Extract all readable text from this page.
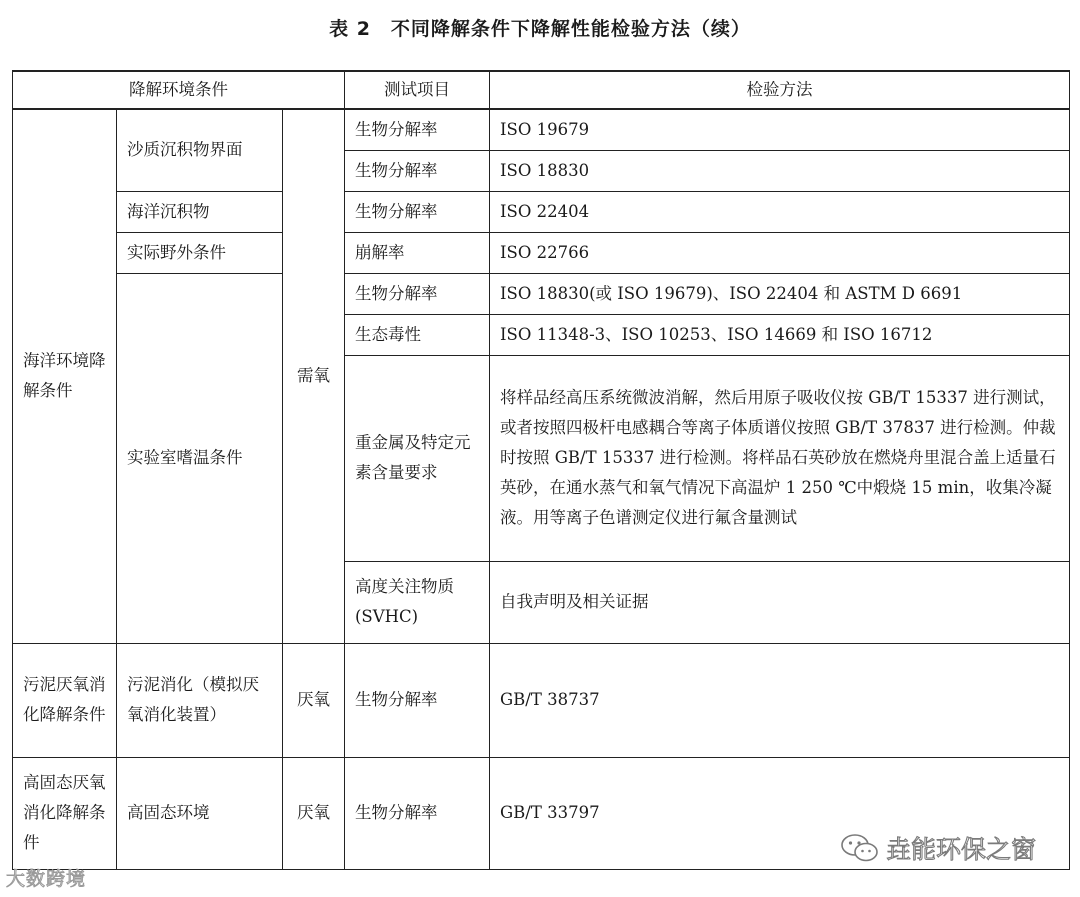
表 2　不同降解条件下降解性能检验方法（续）
降解环境条件			测试项目	检验方法
海洋环境降解条件	沙质沉积物界面	需氧	生物分解率	ISO 19679
			生物分解率	ISO 18830
	海洋沉积物		生物分解率	ISO 22404
	实际野外条件		崩解率	ISO 22766
	实验室嗜温条件		生物分解率	ISO 18830(或 ISO 19679)、ISO 22404 和 ASTM D 6691
			生态毒性	ISO 11348-3、ISO 10253、ISO 14669 和 ISO 16712
			重金属及特定元素含量要求	将样品经高压系统微波消解，然后用原子吸收仪按 GB/T 15337 进行测试，或者按照四极杆电感耦合等离子体质谱仪按照 GB/T 37837 进行检测。仲裁时按照 GB/T 15337 进行检测。将样品石英砂放在燃烧舟里混合盖上适量石英砂，在通水蒸气和氧气情况下高温炉 1 250 ℃中煅烧 15 min，收集冷凝液。用等离子色谱测定仪进行氟含量测试
			高度关注物质(SVHC)	自我声明及相关证据
污泥厌氧消化降解条件	污泥消化（模拟厌氧消化装置）	厌氧	生物分解率	GB/T 38737
高固态厌氧消化降解条件	高固态环境	厌氧	生物分解率	GB/T 33797
大数跨境
垚能环保之窗
